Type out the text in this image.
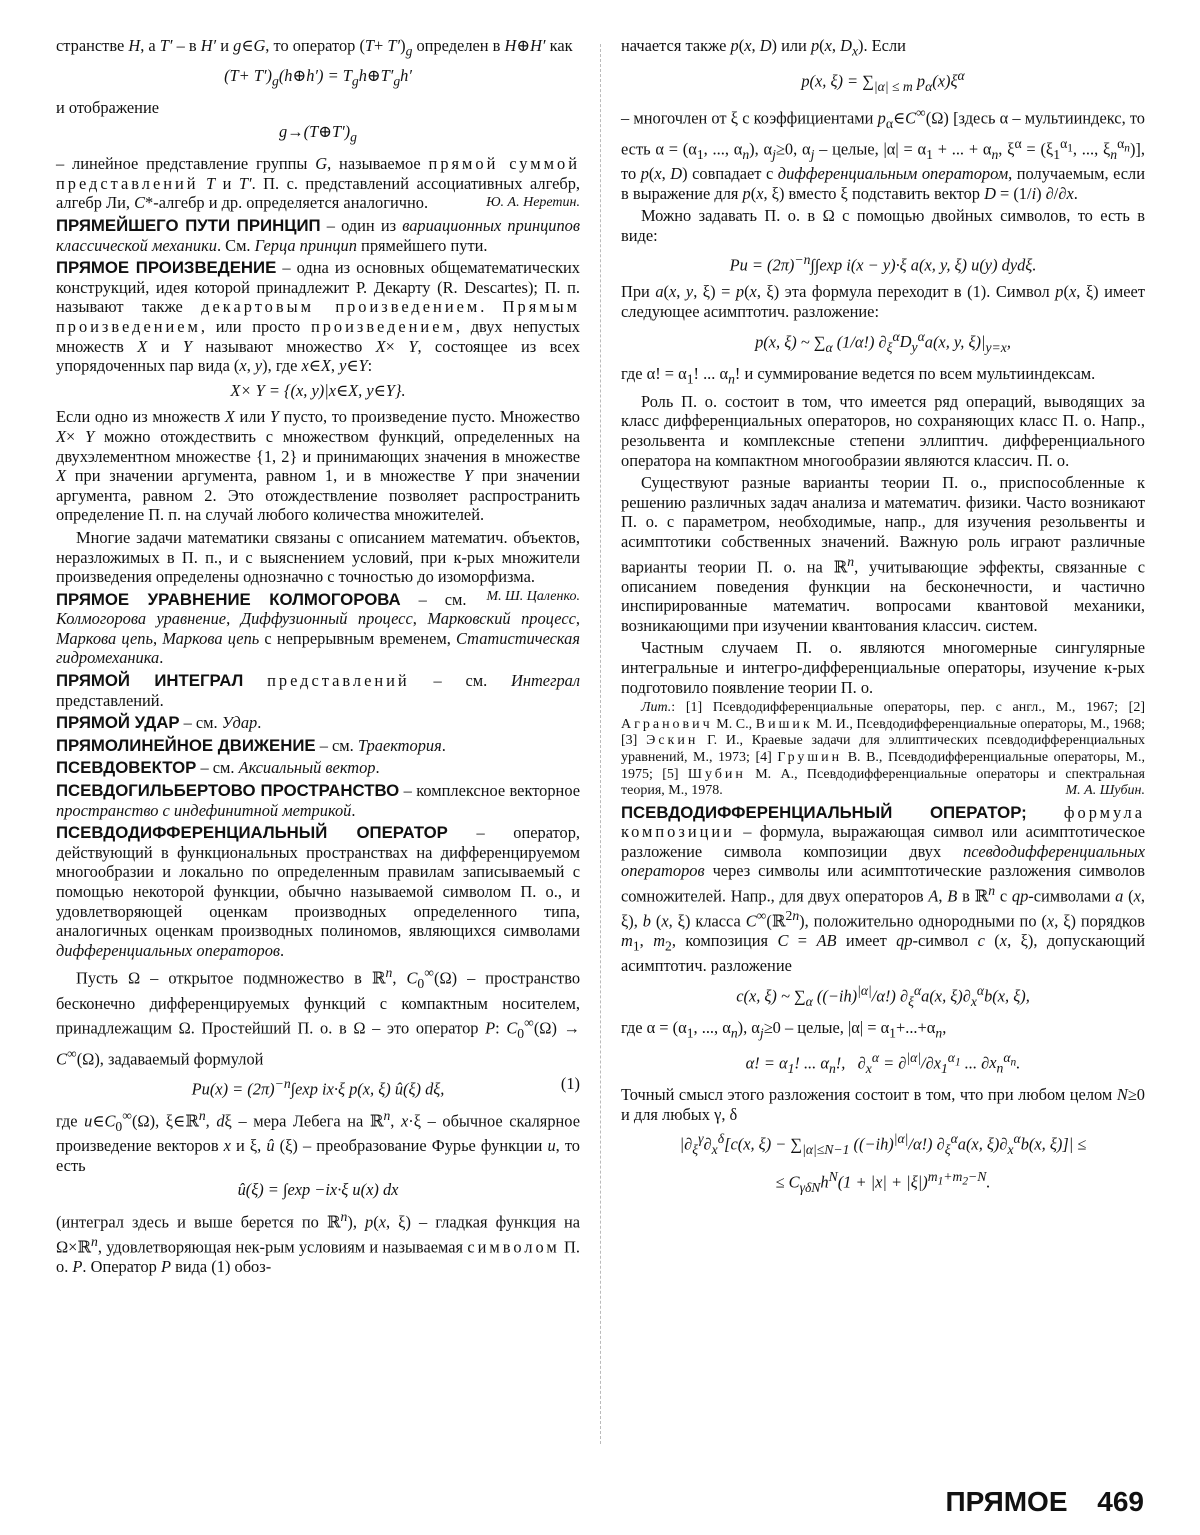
странстве H, а T′ – в H′ и g∈G, то оператор $(T+ T')_g$ определен в H⊕H′ как

$(T+ T')_g(h\oplus h')$ = $T_gh\oplus T'_gh'$

и отображение

$g\to(T\oplus T')_g$

– линейное представление группы G, называемое прямой суммой представлений T и T′. П. с. представлений ассоциативных алгебр, алгебр Ли, C*-алгебр и др. определяется аналогично.	Ю. А. Неретин.

ПРЯМЕЙШЕГО ПУТИ ПРИНЦИП – один из вариационных принципов классической механики. См. Герца принцип прямейшего пути.

ПРЯМОЕ ПРОИЗВЕДЕНИЕ – одна из основных общематематических конструкций, идея которой принадлежит Р. Декарту (R. Descartes); П. п. называют также декартовым произведением. Прямым произведением, или просто произведением, двух непустых множеств X и Y называют множество X× Y, состоящее из всех упорядоченных пар вида (x, y), где x∈X, y∈Y:

X× Y = {(x, y)|x∈X, y∈Y}.

Если одно из множеств X или Y пусто, то произведение пусто. Множество X× Y можно отождествить с множеством функций, определенных на двухэлементном множестве {1, 2} и принимающих значения в множестве X при значении аргумента, равном 1, и в множестве Y при значении аргумента, равном 2. Это отождествление позволяет распространить определение П. п. на случай любого количества множителей.

Многие задачи математики связаны с описанием математич. объектов, неразложимых в П. п., и с выяснением условий, при к-рых множители произведения определены однозначно с точностью до изоморфизма.
М. Ш. Цаленко.

ПРЯМОЕ УРАВНЕНИЕ КОЛМОГОРОВА – см. Колмогорова уравнение, Диффузионный процесс, Марковский процесс, Маркова цепь, Маркова цепь с непрерывным временем, Статистическая гидромеханика.

ПРЯМОЙ ИНТЕГРАЛ представлений – см. Интеграл представлений.

ПРЯМОЙ УДАР – см. Удар.

ПРЯМОЛИНЕЙНОЕ ДВИЖЕНИЕ – см. Траектория.

ПСЕВДОВЕКТОР – см. Аксиальный вектор.

ПСЕВДОГИЛЬБЕРТОВО ПРОСТРАНСТВО – комплексное векторное пространство с индефинитной метрикой.

ПСЕВДОДИФФЕРЕНЦИАЛЬНЫЙ ОПЕРАТОР – оператор, действующий в функциональных пространствах на дифференцируемом многообразии и локально по определенным правилам записываемый с помощью некоторой функции, обычно называемой символом П. о., и удовлетворяющей оценкам производных определенного типа, аналогичных оценкам производных полиномов, являющихся символами дифференциальных операторов.

Пусть Ω – открытое подмножество в ℝ$^n$, $C_0^\infty(\Omega)$ – пространство бесконечно дифференцируемых функций с компактным носителем, принадлежащим Ω. Простейший П. о. в Ω – это оператор P: $C_0^\infty(\Omega) \to C^\infty(\Omega)$, задаваемый формулой

$Pu(x) = (2\pi)^{-n}\int\exp$ ix·ξ p(x, ξ) û(ξ) dξ,	(1)

где $u\in C_0^\infty(\Omega)$, ξ∈ℝ$^n$, dξ – мера Лебега на ℝ$^n$, x·ξ – обычное скалярное произведение векторов x и ξ, û (ξ) – преобразование Фурье функции u, то есть

û(ξ) = ∫exp −ix·ξ u(x) dx

(интеграл здесь и выше берется по ℝ$^n$), p(x, ξ) – гладкая функция на Ω×ℝ$^n$, удовлетворяющая нек-рым условиям и называемая символом П. о. P. Оператор P вида (1) обоз-

начается также p(x, D) или p(x, $D_x$). Если

p(x, $\xi) = \sum_{|\alpha| \le m}$ $p_\alpha(x)\xi^\alpha$

– многочлен от ξ с коэффициентами $p_\alpha\in C^\infty(\Omega)$ [здесь α – мультииндекс, то есть $\alpha = (\alpha_1$, ..., $\alpha_n$), $\alpha_j\ge 0$, $\alpha_j$ – целые, $|\alpha| = \alpha_1$ + ... + $\alpha_n$, $\xi^\alpha = (\xi_1^{\alpha_1}$, ..., $\xi_n^{\alpha_n}$)], то p(x, D) совпадает с дифференциальным оператором, получаемым, если в выражение для p(x, ξ) вместо ξ подставить вектор D = (1/i) ∂/∂x.

Можно задавать П. о. в Ω с помощью двойных символов, то есть в виде:

$Pu = (2\pi)^{-n}\int\int\exp$ i(x − y)·ξ a(x, y, ξ) u(y) dydξ.

При a(x, y, ξ) = p(x, ξ) эта формула переходит в (1). Символ p(x, ξ) имеет следующее асимптотич. разложение:

p(x, ξ) ~ $\sum_\alpha$ (1/α!) $\partial_\xi^\alpha D_y^\alpha a(x$, y, $\xi)|_{y=x}$,

где α! = $\alpha_1$! ... $\alpha_n$! и суммирование ведется по всем мультииндексам.

Роль П. о. состоит в том, что имеется ряд операций, выводящих за класс дифференциальных операторов, но сохраняющих класс П. о. Напр., резольвента и комплексные степени эллиптич. дифференциального оператора на компактном многообразии являются классич. П. о.

Существуют разные варианты теории П. о., приспособленные к решению различных задач анализа и математич. физики. Часто возникают П. о. с параметром, необходимые, напр., для изучения резольвенты и асимптотики собственных значений. Важную роль играют различные варианты теории П. о. на ℝ$^n$, учитывающие эффекты, связанные с описанием поведения функции на бесконечности, и частично инспирированные математич. вопросами квантовой механики, возникающими при изучении квантования классич. систем.

Частным случаем П. о. являются многомерные сингулярные интегральные и интегро-дифференциальные операторы, изучение к-рых подготовило появление теории П. о.

Лит.: [1] Псевдодифференциальные операторы, пер. с англ., М., 1967; [2] Агранович М. С., Вишик М. И., Псевдодифференциальные операторы, М., 1968; [3] Эскин Г. И., Краевые задачи для эллиптических псевдодифференциальных уравнений, М., 1973; [4] Грушин В. В., Псевдодифференциальные операторы, М., 1975; [5] Шубин М. А., Псевдодифференциальные операторы и спектральная теория, М., 1978.	М. А. Шубин.

ПСЕВДОДИФФЕРЕНЦИАЛЬНЫЙ ОПЕРАТОР; формула композиции – формула, выражающая символ или асимптотическое разложение символа композиции двух псевдодифференциальных операторов через символы или асимптотические разложения символов сомножителей. Напр., для двух операторов A, B в ℝ$^n$ с qp-символами a (x, ξ), b (x, ξ) класса C∞(ℝ$^{2n}$), положительно однородными по (x, ξ) порядков $m_1$, $m_2$, композиция C = AB имеет qp-символ c (x, ξ), допускающий асимптотич. разложение

c(x, ξ) ~ $\sum_\alpha$ $((-ih)^{|\alpha|}/\alpha!)$ $\partial_\xi^\alpha a(x$, $\xi)\partial_x^\alpha b(x$, ξ),

где $\alpha = (\alpha_1$, ..., $\alpha_n$), $\alpha_j\ge 0$ – целые, $|\alpha| = \alpha_1+...+\alpha_n$,

α! = $\alpha_1$! ... $\alpha_n$!,   $\partial_x^\alpha = \partial^{|\alpha|}/\partial x_1^{\alpha_1}$ ... $\partial x_n^{\alpha_n}$.

Точный смысл этого разложения состоит в том, что при любом целом N≥0 и для любых γ, δ

$|\partial_\xi^\gamma\partial_x^\delta[c(x$, $\xi) - \sum_{|\alpha|\le N-1}$ $((-ih)^{|\alpha|}/\alpha!)$ $\partial_\xi^\alpha a(x$, $\xi)\partial_x^\alpha b(x$, ξ)]| ≤

≤ $C_{\gamma\delta N}h^N(1 + |x| + |\xi|)^{m_1+m_2-N}$.

ПРЯМОЕ 469
